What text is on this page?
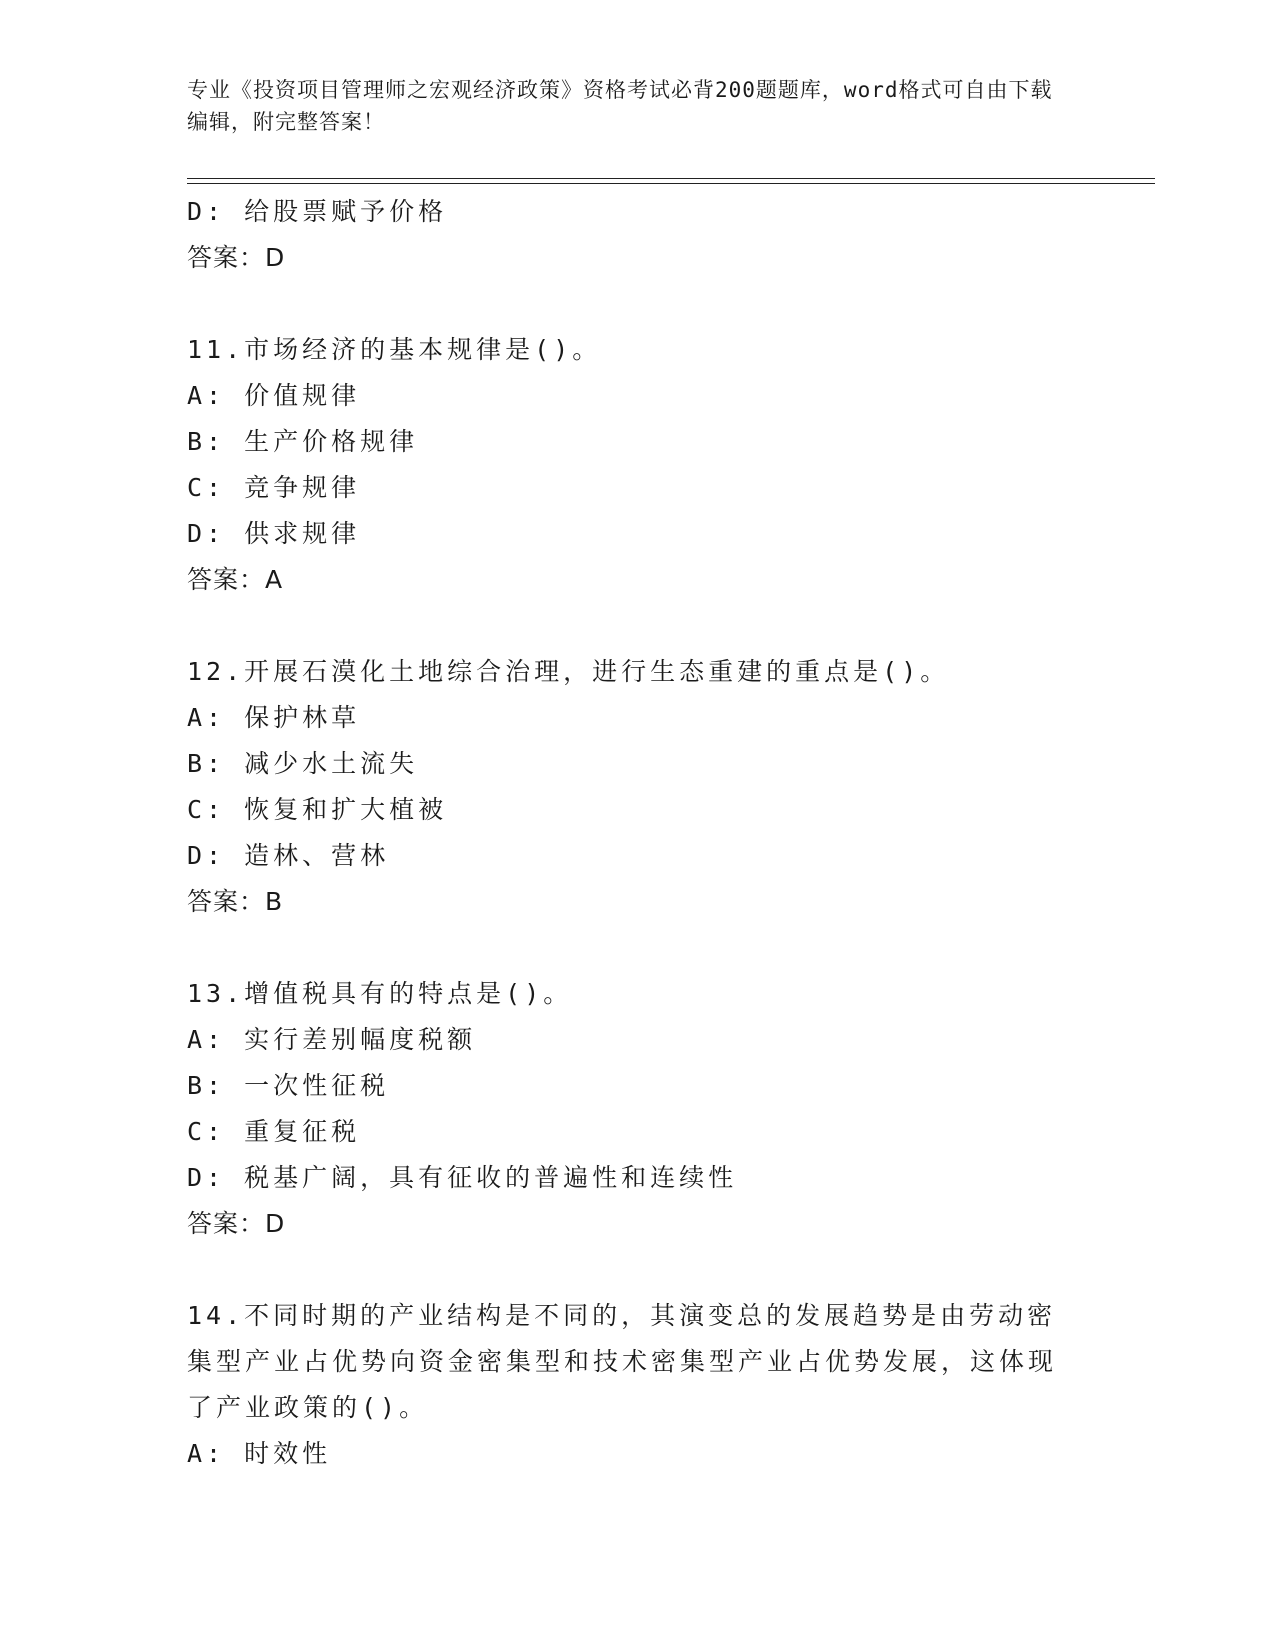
专业《投资项目管理师之宏观经济政策》资格考试必背200题题库，word格式可自由下载编辑，附完整答案！
D: 给股票赋予价格
答案：D
11.市场经济的基本规律是()。
A: 价值规律
B: 生产价格规律
C: 竞争规律
D: 供求规律
答案：A
12.开展石漠化土地综合治理，进行生态重建的重点是()。
A: 保护林草
B: 减少水土流失
C: 恢复和扩大植被
D: 造林、营林
答案：B
13.增值税具有的特点是()。
A: 实行差别幅度税额
B: 一次性征税
C: 重复征税
D: 税基广阔，具有征收的普遍性和连续性
答案：D
14.不同时期的产业结构是不同的，其演变总的发展趋势是由劳动密集型产业占优势向资金密集型和技术密集型产业占优势发展，这体现了产业政策的()。
A: 时效性
